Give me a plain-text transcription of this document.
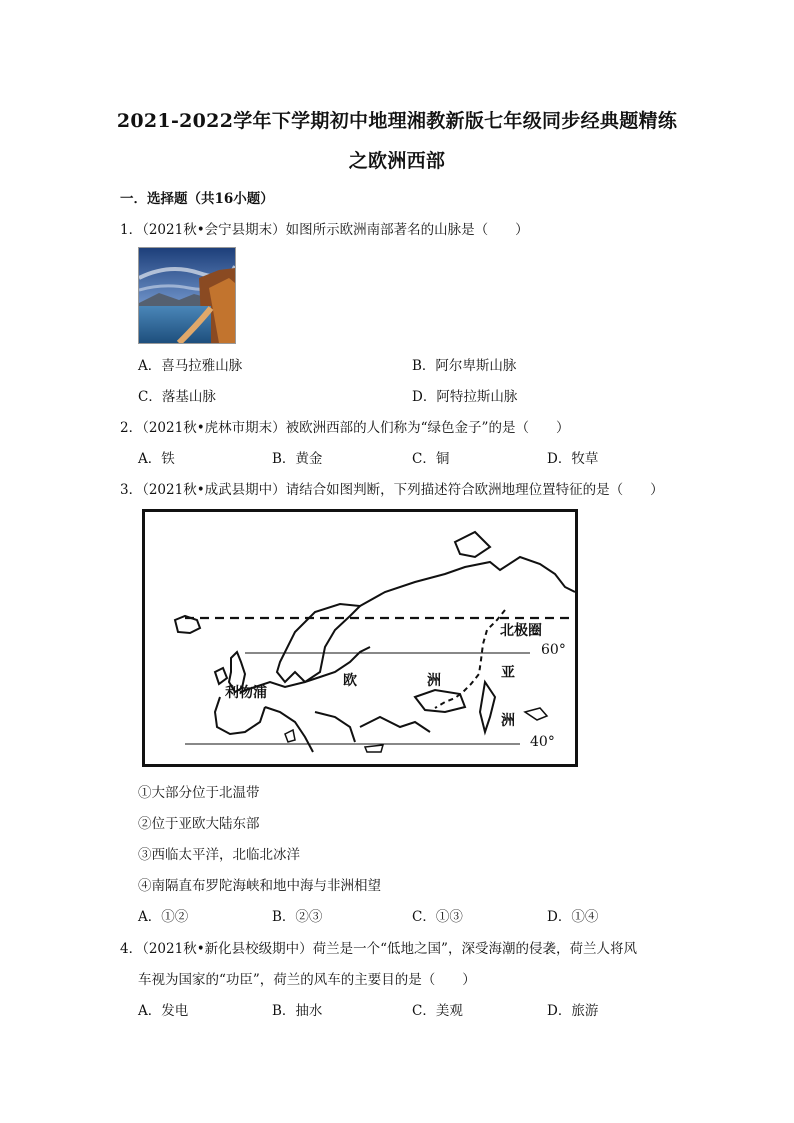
2021-2022学年下学期初中地理湘教新版七年级同步经典题精练
之欧洲西部
一．选择题（共16小题）
1．（2021秋•会宁县期末）如图所示欧洲南部著名的山脉是（　　）
A．喜马拉雅山脉	B．阿尔卑斯山脉
C．落基山脉	D．阿特拉斯山脉
2．（2021秋•虎林市期末）被欧洲西部的人们称为“绿色金子”的是（　　）
A．铁	B．黄金	C．铜	D．牧草
3．（2021秋•成武县期中）请结合如图判断，下列描述符合欧洲地理位置特征的是（　　）
北极圈
60°
40°
欧	洲	亚
洲
利物浦
①大部分位于北温带
②位于亚欧大陆东部
③西临太平洋，北临北冰洋
④南隔直布罗陀海峡和地中海与非洲相望
A．①②	B．②③	C．①③	D．①④
4．（2021秋•新化县校级期中）荷兰是一个“低地之国”，深受海潮的侵袭，荷兰人将风
车视为国家的“功臣”，荷兰的风车的主要目的是（　　）
A．发电	B．抽水	C．美观	D．旅游
